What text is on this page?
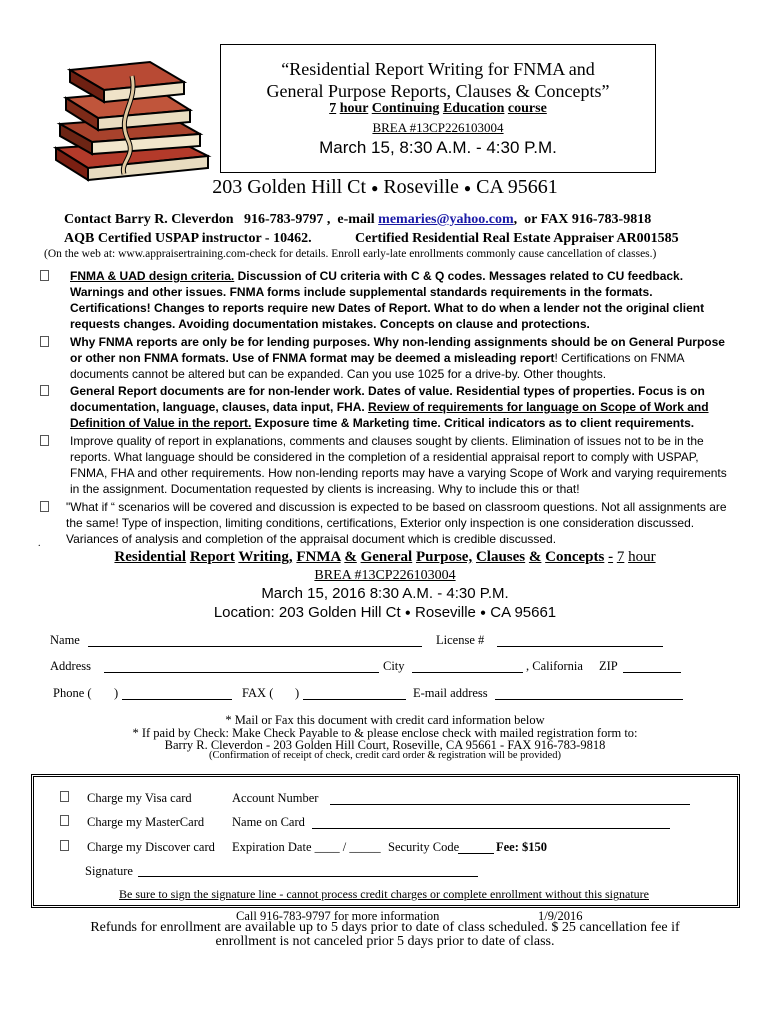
“Residential Report Writing for FNMA and
General Purpose Reports, Clauses & Concepts”
7 hour Continuing Education course
BREA #13CP226103004
March 15, 8:30 A.M. - 4:30 P.M.
203 Golden Hill Ct ● Roseville ● CA 95661
Contact Barry R. Cleverdon   916-783-9797 ,  e-mail memaries@yahoo.com,  or FAX 916-783-9818
AQB Certified USPAP instructor - 10462.	Certified Residential Real Estate Appraiser AR001585
(On the web at: www.appraisertraining.com-check for details. Enroll early-late enrollments commonly cause cancellation of classes.)
FNMA & UAD design criteria. Discussion of CU criteria with C & Q codes. Messages related to CU feedback. Warnings and other issues. FNMA forms include supplemental standards requirements in the formats. Certifications! Changes to reports require new Dates of Report. What to do when a lender not the original client requests changes. Avoiding documentation mistakes. Concepts on clause and protections.
Why FNMA reports are only be for lending purposes. Why non-lending assignments should be on General Purpose or other non FNMA formats. Use of FNMA format may be deemed a misleading report! Certifications on FNMA documents cannot be altered but can be expanded. Can you use 1025 for a drive-by. Other thoughts.
General Report documents are for non-lender work. Dates of value. Residential types of properties. Focus is on documentation, language, clauses, data input, FHA. Review of requirements for language on Scope of Work and Definition of Value in the report. Exposure time & Marketing time. Critical indicators as to client requirements.
Improve quality of report in explanations, comments and clauses sought by clients. Elimination of issues not to be in the reports. What language should be considered in the completion of a residential appraisal report to comply with USPAP, FNMA, FHA and other requirements. How non-lending reports may have a varying Scope of Work and varying requirements in the assignment. Documentation requested by clients is increasing. Why to include this or that!
"What if “ scenarios will be covered and discussion is expected to be based on classroom questions. Not all assignments are the same! Type of inspection, limiting conditions, certifications, Exterior only inspection is one consideration discussed. Variances of analysis and completion of the appraisal document which is credible discussed.
.
Residential Report Writing, FNMA & General Purpose, Clauses & Concepts - 7 hour
BREA #13CP226103004
March 15, 2016 8:30 A.M. - 4:30 P.M.
Location: 203 Golden Hill Ct ● Roseville ● CA 95661
Name	License #
Address	City	, California ZIP
Phone ( )	FAX ( )	E-mail address
* Mail or Fax this document with credit card information below
* If paid by Check: Make Check Payable to & please enclose check with mailed registration form to:
Barry R. Cleverdon - 203 Golden Hill Court, Roseville, CA 95661 - FAX 916-783-9818
(Confirmation of receipt of check, credit card order & registration will be provided)
Charge my Visa card	Account Number
Charge my MasterCard Name on Card
Charge my Discover card Expiration Date ____ / _____ Security Code	Fee: $150
Signature
Be sure to sign the signature line - cannot process credit charges or complete enrollment without this signature
Call 916-783-9797 for more information	1/9/2016
Refunds for enrollment are available up to 5 days prior to date of class scheduled. $ 25 cancellation fee if
enrollment is not canceled prior 5 days prior to date of class.
